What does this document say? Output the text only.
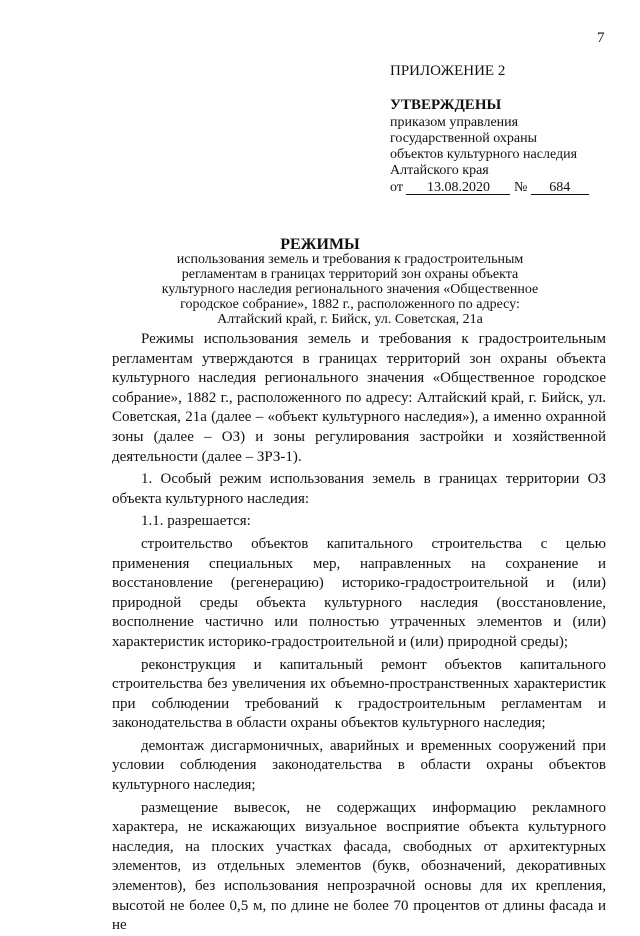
7
ПРИЛОЖЕНИЕ 2
УТВЕРЖДЕНЫ
приказом управления
государственной охраны
объектов культурного наследия
Алтайского края
от 13.08.2020 № 684
РЕЖИМЫ
использования земель и требования к градостроительным
регламентам в границах территорий зон охраны объекта
культурного наследия регионального значения «Общественное
городское собрание», 1882 г., расположенного по адресу:
Алтайский край, г. Бийск, ул. Советская, 21а

Режимы использования земель и требования к градостроительным регламентам утверждаются в границах территорий зон охраны объекта культурного наследия регионального значения «Общественное городское собрание», 1882 г., расположенного по адресу: Алтайский край, г. Бийск, ул. Советская, 21а (далее – «объект культурного наследия»), а именно охранной зоны (далее – ОЗ) и зоны регулирования застройки и хозяйственной деятельности (далее – ЗРЗ-1).

1. Особый режим использования земель в границах территории ОЗ объекта культурного наследия:

1.1. разрешается:

строительство объектов капитального строительства с целью применения специальных мер, направленных на сохранение и восстановление (регенерацию) историко-градостроительной и (или) природной среды объекта культурного наследия (восстановление, восполнение частично или полностью утраченных элементов и (или) характеристик историко-градостроительной и (или) природной среды);

реконструкция и капитальный ремонт объектов капитального строительства без увеличения их объемно-пространственных характеристик при соблюдении требований к градостроительным регламентам и законодательства в области охраны объектов культурного наследия;

демонтаж дисгармоничных, аварийных и временных сооружений при условии соблюдения законодательства в области охраны объектов культурного наследия;

размещение вывесок, не содержащих информацию рекламного характера, не искажающих визуальное восприятие объекта культурного наследия, на плоских участках фасада, свободных от архитектурных элементов, из отдельных элементов (букв, обозначений, декоративных элементов), без использования непрозрачной основы для их крепления, высотой не более 0,5 м, по длине не более 70 процентов от длины фасада и не
